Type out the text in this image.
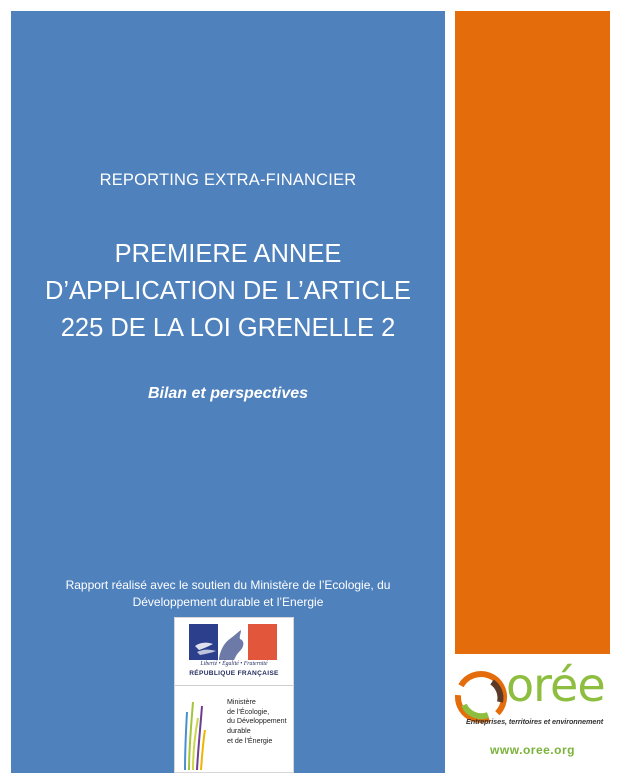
REPORTING EXTRA-FINANCIER
PREMIERE ANNEE
D’APPLICATION DE L’ARTICLE
225 DE LA LOI GRENELLE 2
Bilan et perspectives
Rapport réalisé avec le soutien du Ministère de l’Ecologie, du
Développement durable et l’Energie
Liberté • Égalité • Fraternité
RÉPUBLIQUE FRANÇAISE
Ministère
de l’Écologie,
du Développement
durable
et de l’Énergie
orée
Entreprises, territoires et environnement
www.oree.org
